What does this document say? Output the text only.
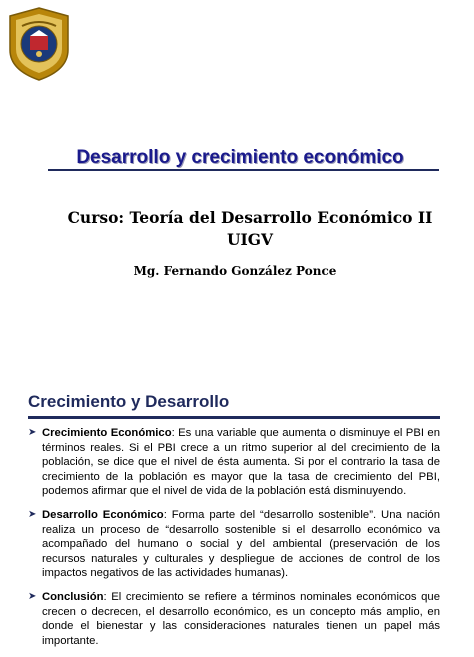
Desarrollo y crecimiento económico
Curso: Teoría del Desarrollo Económico II
UIGV
Mg. Fernando González Ponce
Crecimiento y Desarrollo
➤ Crecimiento Económico: Es una variable que aumenta o disminuye el PBI en términos reales. Si el PBI crece a un ritmo superior al del crecimiento de la población, se dice que el nivel de ésta aumenta. Si por el contrario la tasa de crecimiento de la población es mayor que la tasa de crecimiento del PBI, podemos afirmar que el nivel de vida de la población está disminuyendo.
➤ Desarrollo Económico: Forma parte del “desarrollo sostenible”. Una nación realiza un proceso de “desarrollo sostenible si el desarrollo económico va acompañado del humano o social y del ambiental (preservación de los recursos naturales y culturales y despliegue de acciones de control de los impactos negativos de las actividades humanas).
➤ Conclusión: El crecimiento se refiere a términos nominales económicos que crecen o decrecen, el desarrollo económico, es un concepto más amplio, en donde el bienestar y las consideraciones naturales tienen un papel más importante.
